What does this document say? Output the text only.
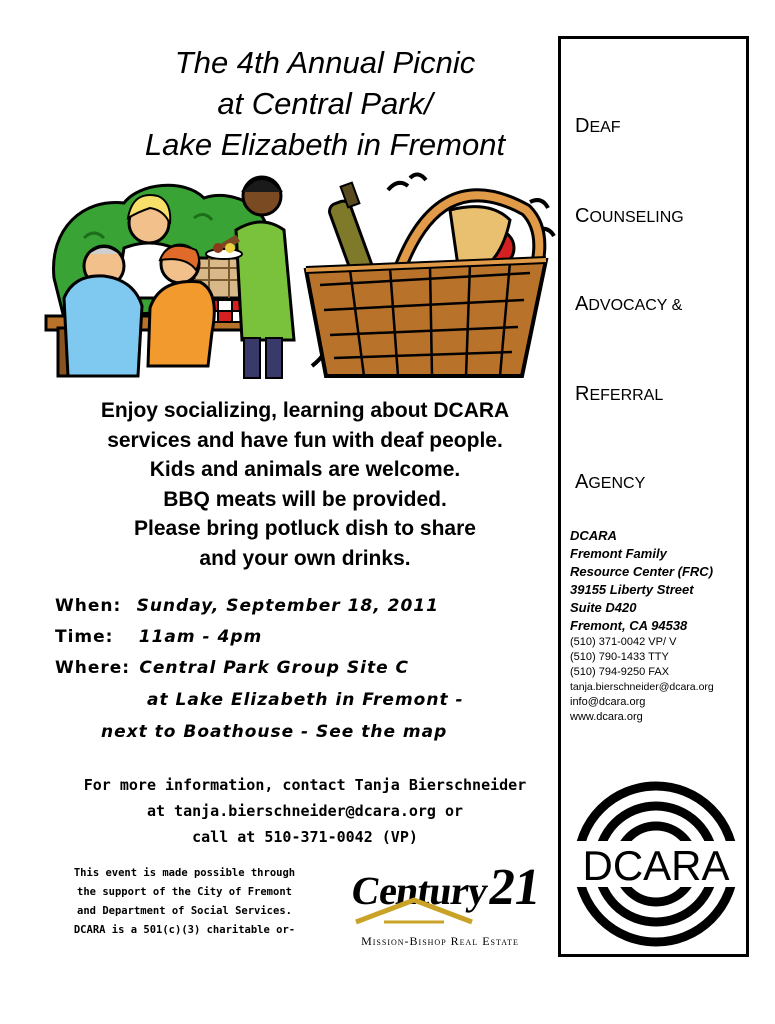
The 4th Annual Picnic
at Central Park/
Lake Elizabeth in Fremont
Enjoy socializing, learning about DCARA
services and have fun with deaf people.
Kids and animals are welcome.
BBQ meats will be provided.
Please bring potluck dish to share
and your own drinks.
When: Sunday, September 18, 2011
Time: 11am - 4pm
Where: Central Park Group Site C
at Lake Elizabeth in Fremont -
next to Boathouse - See the map
For more information, contact Tanja Bierschneider
at tanja.bierschneider@dcara.org or
call at 510-371-0042 (VP)
This event is made possible through
the support of the City of Fremont
and Department of Social Services.
DCARA is a 501(c)(3) charitable or-
Century21
Mission-Bishop Real Estate
DEAF
COUNSELING
ADVOCACY &
REFERRAL
AGENCY
DCARA
Fremont Family
Resource Center (FRC)
39155 Liberty Street
Suite D420
Fremont, CA 94538
(510) 371-0042 VP/ V
(510) 790-1433 TTY
(510) 794-9250 FAX
tanja.bierschneider@dcara.org
info@dcara.org
www.dcara.org
DCARA
